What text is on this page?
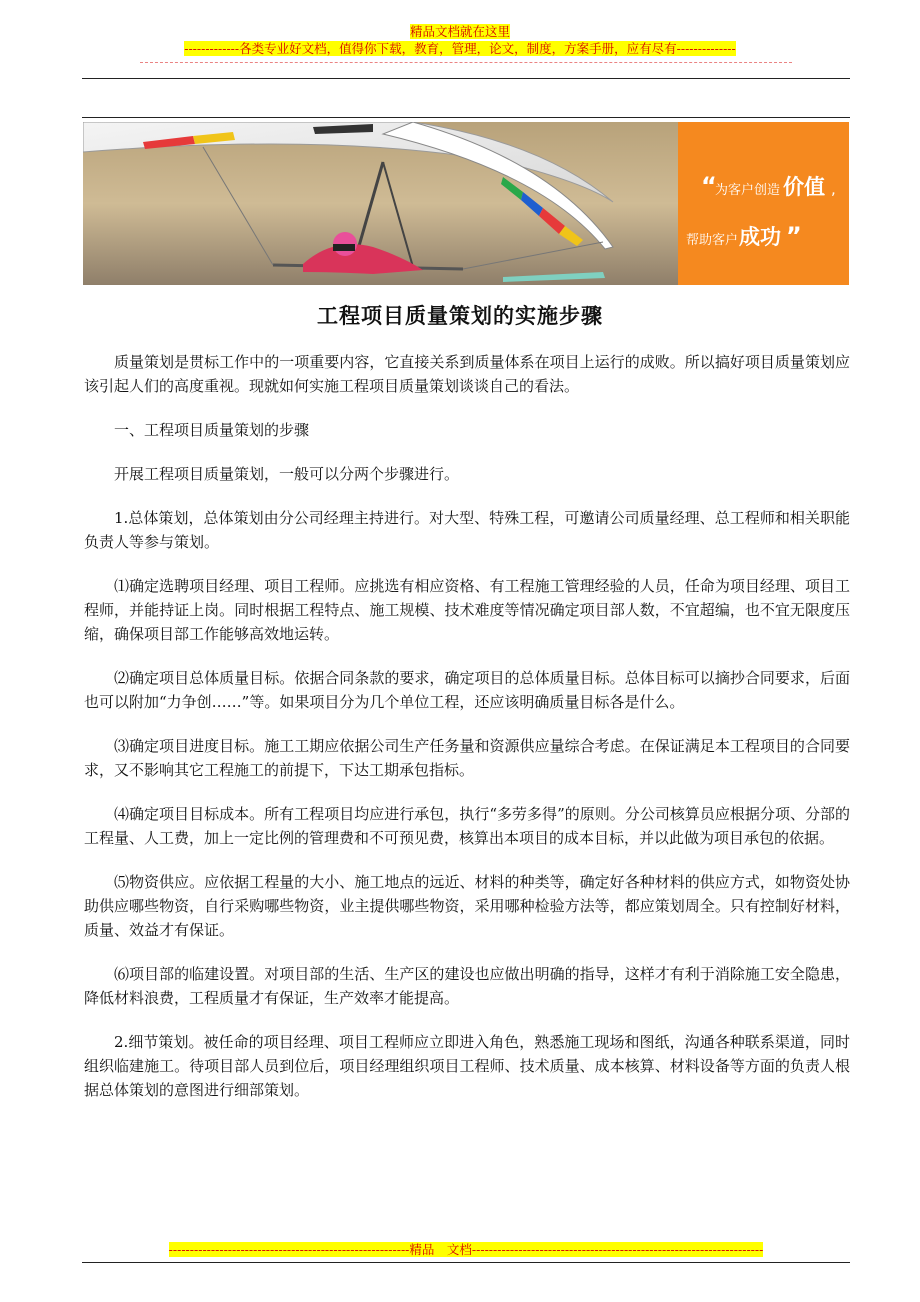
精品文档就在这里
-------------各类专业好文档，值得你下载，教育，管理，论文，制度，方案手册，应有尽有--------------
“
为客户创造 价值 ,
帮助客户 成功 ”
工程项目质量策划的实施步骤

质量策划是贯标工作中的一项重要内容，它直接关系到质量体系在项目上运行的成败。所以搞好项目质量策划应该引起人们的高度重视。现就如何实施工程项目质量策划谈谈自己的看法。

一、工程项目质量策划的步骤

开展工程项目质量策划，一般可以分两个步骤进行。

1.总体策划，总体策划由分公司经理主持进行。对大型、特殊工程，可邀请公司质量经理、总工程师和相关职能负责人等参与策划。

⑴确定选聘项目经理、项目工程师。应挑选有相应资格、有工程施工管理经验的人员，任命为项目经理、项目工程师，并能持证上岗。同时根据工程特点、施工规模、技术难度等情况确定项目部人数，不宜超编，也不宜无限度压缩，确保项目部工作能够高效地运转。

⑵确定项目总体质量目标。依据合同条款的要求，确定项目的总体质量目标。总体目标可以摘抄合同要求，后面也可以附加“力争创……”等。如果项目分为几个单位工程，还应该明确质量目标各是什么。

⑶确定项目进度目标。施工工期应依据公司生产任务量和资源供应量综合考虑。在保证满足本工程项目的合同要求，又不影响其它工程施工的前提下，下达工期承包指标。

⑷确定项目目标成本。所有工程项目均应进行承包，执行“多劳多得”的原则。分公司核算员应根据分项、分部的工程量、人工费，加上一定比例的管理费和不可预见费，核算出本项目的成本目标，并以此做为项目承包的依据。

⑸物资供应。应依据工程量的大小、施工地点的远近、材料的种类等，确定好各种材料的供应方式，如物资处协助供应哪些物资，自行采购哪些物资，业主提供哪些物资，采用哪种检验方法等，都应策划周全。只有控制好材料，质量、效益才有保证。

⑹项目部的临建设置。对项目部的生活、生产区的建设也应做出明确的指导，这样才有利于消除施工安全隐患，降低材料浪费，工程质量才有保证，生产效率才能提高。

2.细节策划。被任命的项目经理、项目工程师应立即进入角色，熟悉施工现场和图纸，沟通各种联系渠道，同时组织临建施工。待项目部人员到位后，项目经理组织项目工程师、技术质量、成本核算、材料设备等方面的负责人根据总体策划的意图进行细部策划。

---------------------------------------------------------精品　文档---------------------------------------------------------------------
